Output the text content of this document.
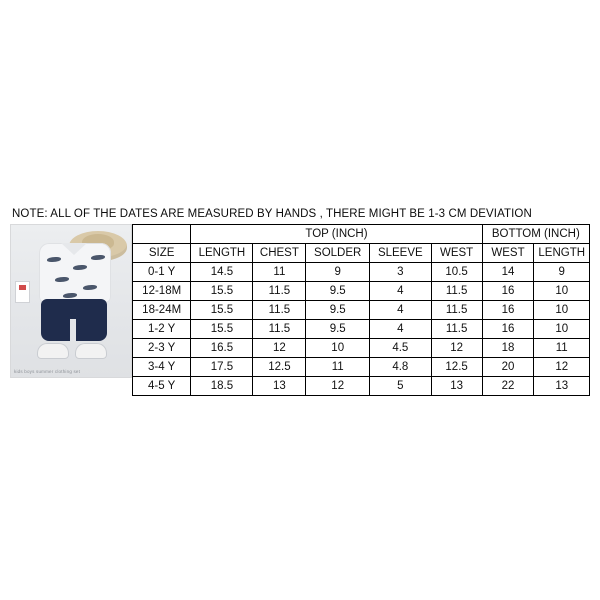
NOTE: ALL OF THE DATES ARE MEASURED BY HANDS , THERE MIGHT BE 1-3 CM DEVIATION
kids boys summer clothing set
	TOP (INCH)					BOTTOM (INCH)	
SIZE	LENGTH	CHEST	SOLDER	SLEEVE	WEST	WEST	LENGTH
0-1 Y	14.5	11	9	3	10.5	14	9
12-18M	15.5	11.5	9.5	4	11.5	16	10
18-24M	15.5	11.5	9.5	4	11.5	16	10
1-2 Y	15.5	11.5	9.5	4	11.5	16	10
2-3 Y	16.5	12	10	4.5	12	18	11
3-4 Y	17.5	12.5	11	4.8	12.5	20	12
4-5 Y	18.5	13	12	5	13	22	13
